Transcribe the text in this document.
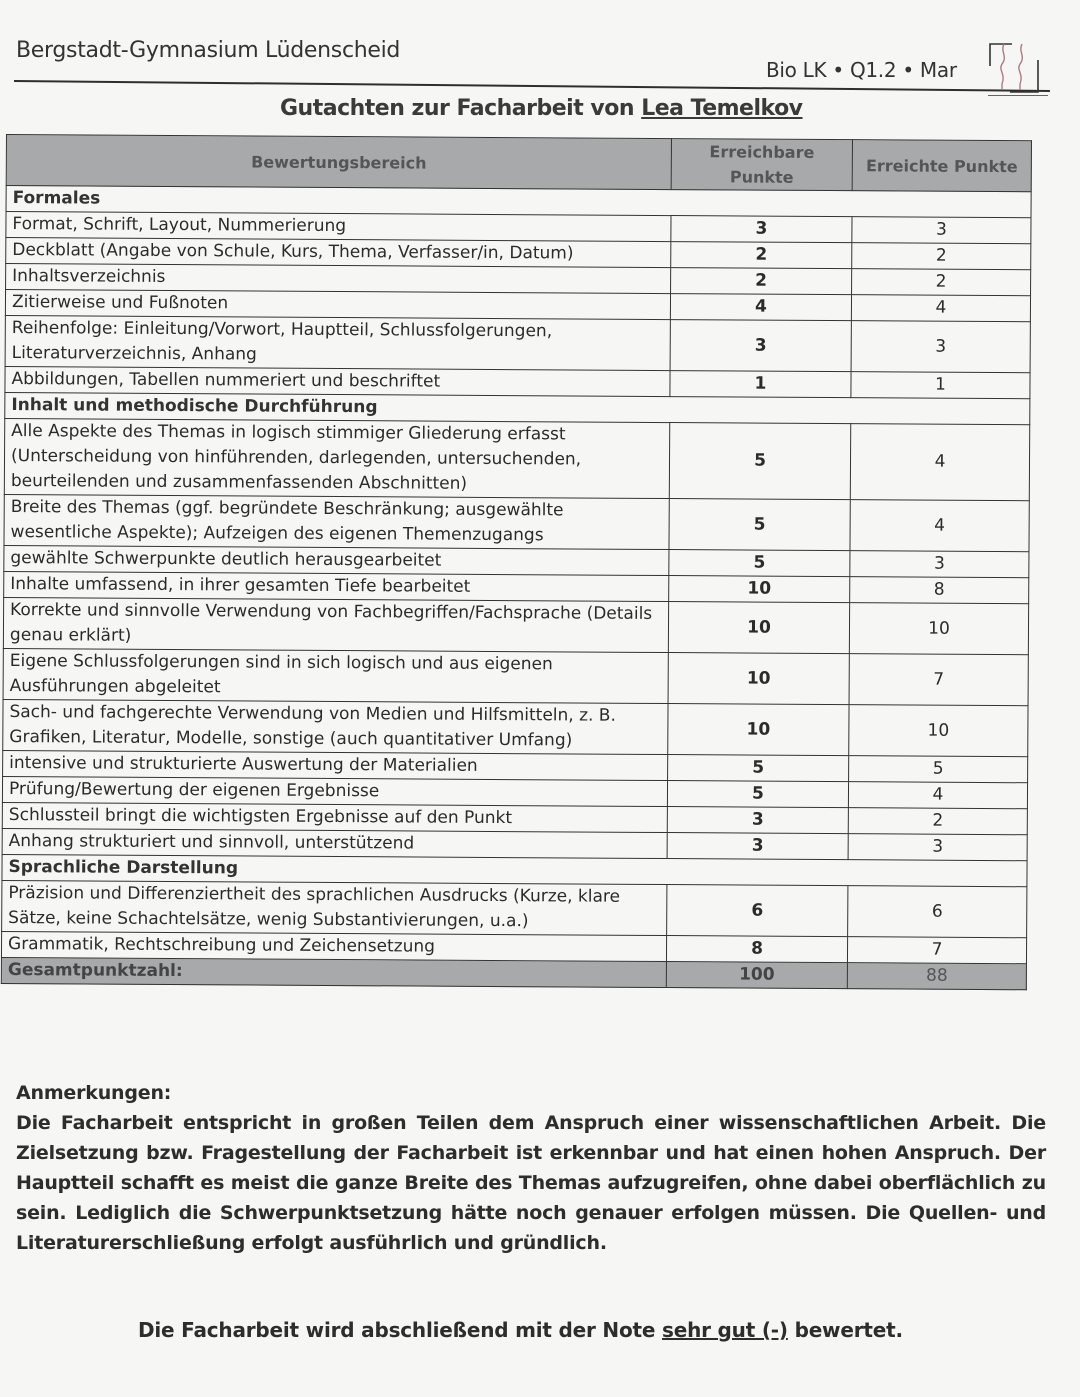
Bergstadt-Gymnasium Lüdenscheid
Bio LK • Q1.2 • Mar
Gutachten zur Facharbeit von Lea Temelkov
Bewertungsbereich	Erreichbare Punkte	Erreichte Punkte
Formales		
Format, Schrift, Layout, Nummerierung	3	3
Deckblatt (Angabe von Schule, Kurs, Thema, Verfasser/in, Datum)	2	2
Inhaltsverzeichnis	2	2
Zitierweise und Fußnoten	4	4
Reihenfolge: Einleitung/Vorwort, Hauptteil, Schlussfolgerungen, Literaturverzeichnis, Anhang	3	3
Abbildungen, Tabellen nummeriert und beschriftet	1	1
Inhalt und methodische Durchführung		
Alle Aspekte des Themas in logisch stimmiger Gliederung erfasst (Unterscheidung von hinführenden, darlegenden, untersuchenden, beurteilenden und zusammenfassenden Abschnitten)	5	4
Breite des Themas (ggf. begründete Beschränkung; ausgewählte wesentliche Aspekte); Aufzeigen des eigenen Themenzugangs	5	4
gewählte Schwerpunkte deutlich herausgearbeitet	5	3
Inhalte umfassend, in ihrer gesamten Tiefe bearbeitet	10	8
Korrekte und sinnvolle Verwendung von Fachbegriffen/Fachsprache (Details genau erklärt)	10	10
Eigene Schlussfolgerungen sind in sich logisch und aus eigenen Ausführungen abgeleitet	10	7
Sach- und fachgerechte Verwendung von Medien und Hilfsmitteln, z. B. Grafiken, Literatur, Modelle, sonstige (auch quantitativer Umfang)	10	10
intensive und strukturierte Auswertung der Materialien	5	5
Prüfung/Bewertung der eigenen Ergebnisse	5	4
Schlussteil bringt die wichtigsten Ergebnisse auf den Punkt	3	2
Anhang strukturiert und sinnvoll, unterstützend	3	3
Sprachliche Darstellung		
Präzision und Differenziertheit des sprachlichen Ausdrucks (Kurze, klare Sätze, keine Schachtelsätze, wenig Substantivierungen, u.a.)	6	6
Grammatik, Rechtschreibung und Zeichensetzung	8	7
Gesamtpunktzahl:	100	88
Anmerkungen:
Die Facharbeit entspricht in großen Teilen dem Anspruch einer wissenschaftlichen Arbeit. Die Zielsetzung bzw. Fragestellung der Facharbeit ist erkennbar und hat einen hohen Anspruch. Der Hauptteil schafft es meist die ganze Breite des Themas aufzugreifen, ohne dabei oberflächlich zu sein. Lediglich die Schwerpunktsetzung hätte noch genauer erfolgen müssen. Die Quellen- und Literaturerschließung erfolgt ausführlich und gründlich.
Die Facharbeit wird abschließend mit der Note sehr gut (-) bewertet.
